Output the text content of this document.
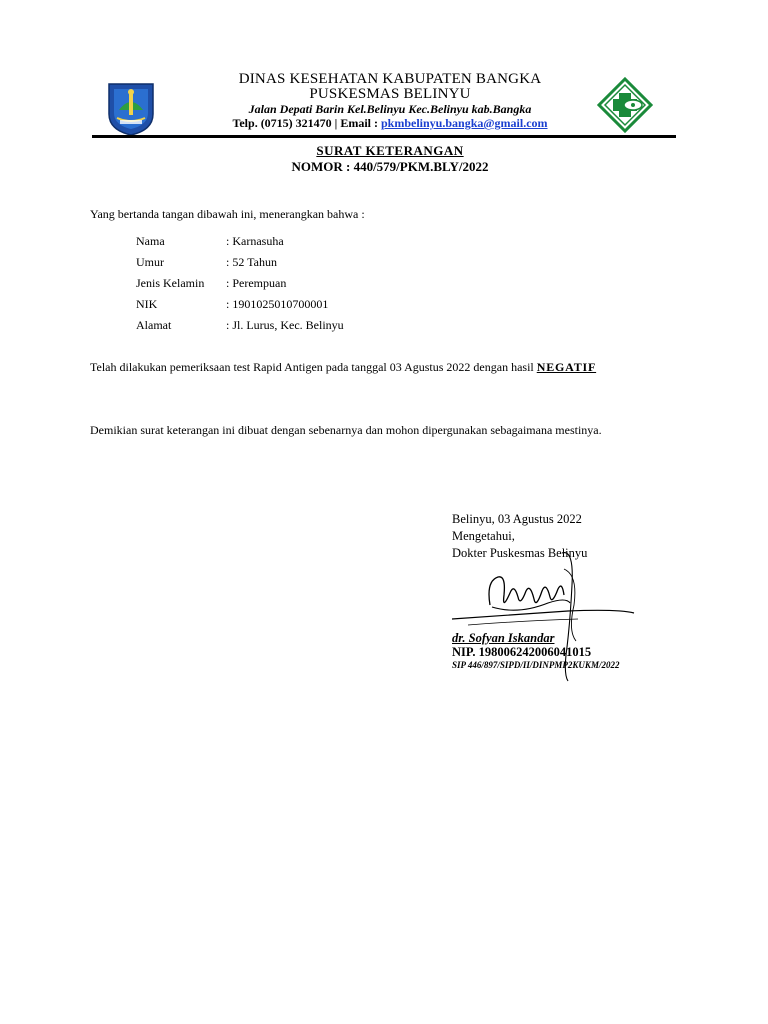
DINAS KESEHATAN KABUPATEN BANGKA
PUSKESMAS BELINYU
Jalan Depati Barin Kel.Belinyu Kec.Belinyu kab.Bangka
Telp. (0715) 321470 | Email : pkmbelinyu.bangka@gmail.com
SURAT KETERANGAN
NOMOR : 440/579/PKM.BLY/2022
Yang bertanda tangan dibawah ini, menerangkan bahwa :
Nama	: Karnasuha
Umur	: 52 Tahun
Jenis Kelamin	: Perempuan
NIK	: 1901025010700001
Alamat	: Jl. Lurus, Kec. Belinyu
Telah dilakukan pemeriksaan test Rapid Antigen pada tanggal 03 Agustus 2022 dengan hasil NEGATIF
Demikian surat keterangan ini dibuat dengan sebenarnya dan mohon dipergunakan sebagaimana mestinya.
Belinyu, 03 Agustus 2022
Mengetahui,
Dokter Puskesmas Belinyu
dr. Sofyan Iskandar
NIP. 198006242006041015
SIP 446/897/SIPD/II/DINPMP2KUKM/2022
